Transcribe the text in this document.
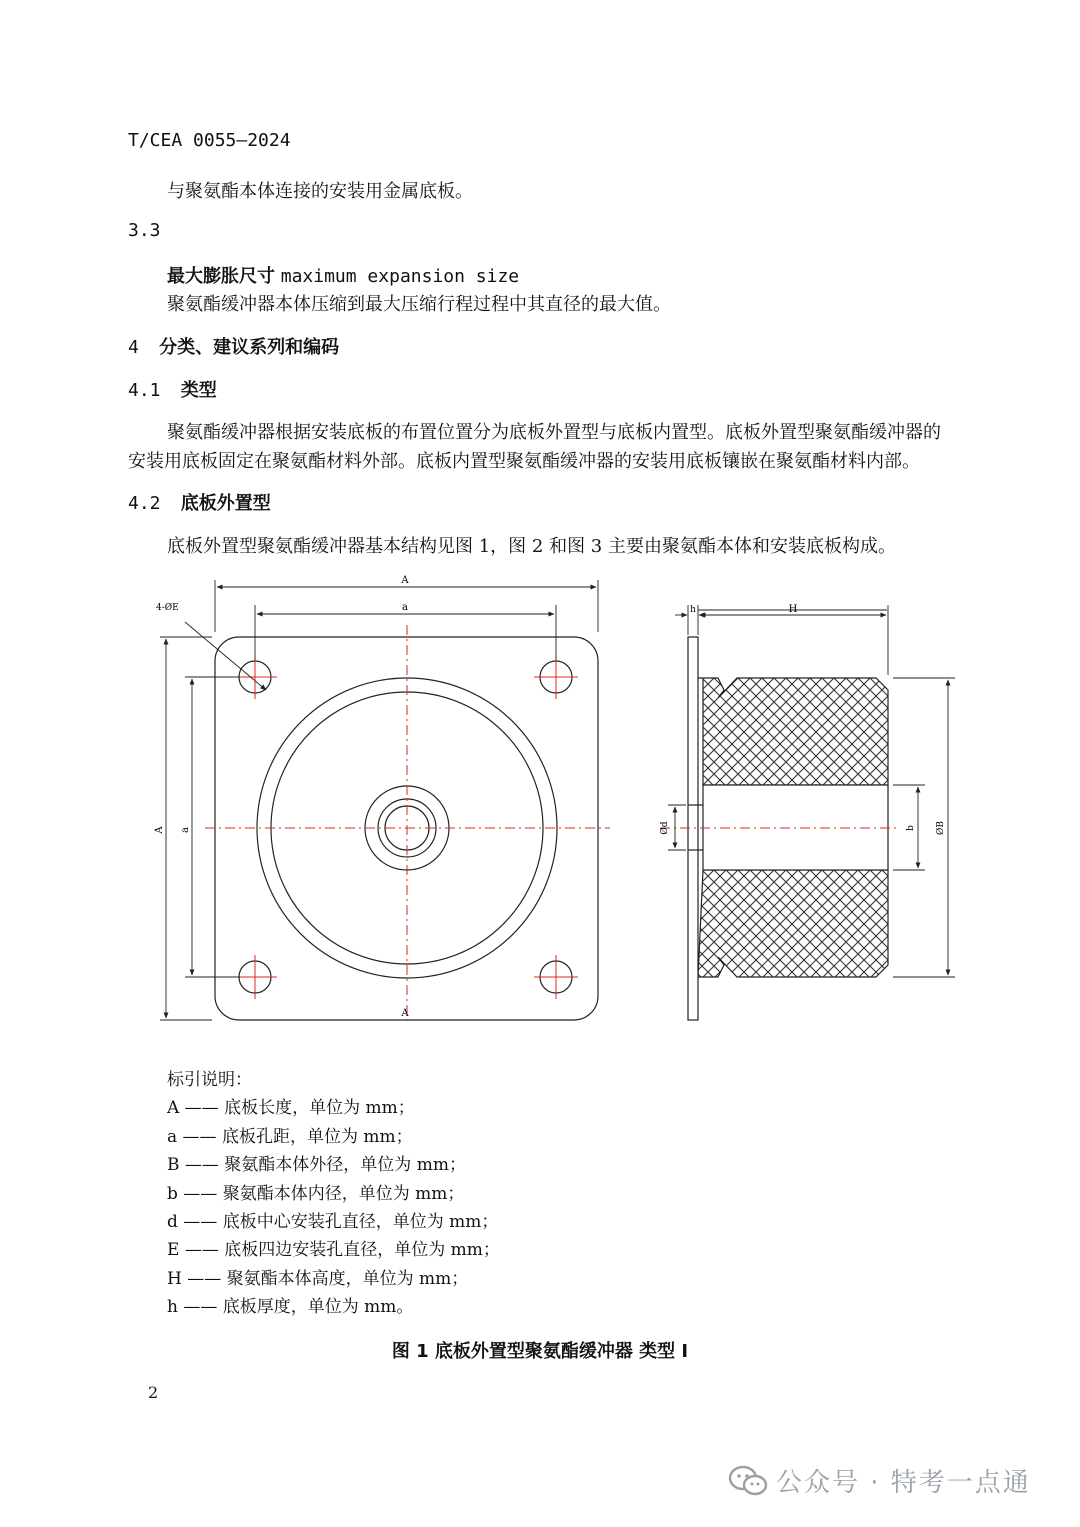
T/CEA 0055—2024
与聚氨酯本体连接的安装用金属底板。
3.3
最大膨胀尺寸 maximum expansion size
聚氨酯缓冲器本体压缩到最大压缩行程过程中其直径的最大值。
4 分类、建议系列和编码
4.1 类型
聚氨酯缓冲器根据安装底板的布置位置分为底板外置型与底板内置型。底板外置型聚氨酯缓冲器的
安装用底板固定在聚氨酯材料外部。底板内置型聚氨酯缓冲器的安装用底板镶嵌在聚氨酯材料内部。
4.2 底板外置型
底板外置型聚氨酯缓冲器基本结构见图 1，图 2 和图 3 主要由聚氨酯本体和安装底板构成。
A
a
4-ØE
A a
A
h	H
Ød	b ØB
标引说明：
A —— 底板长度，单位为 mm；
a —— 底板孔距，单位为 mm；
B —— 聚氨酯本体外径，单位为 mm；
b —— 聚氨酯本体内径，单位为 mm；
d —— 底板中心安装孔直径，单位为 mm；
E —— 底板四边安装孔直径，单位为 mm；
H —— 聚氨酯本体高度，单位为 mm；
h —— 底板厚度，单位为 mm。
图 1 底板外置型聚氨酯缓冲器 类型 I
2
公众号 · 特考一点通
